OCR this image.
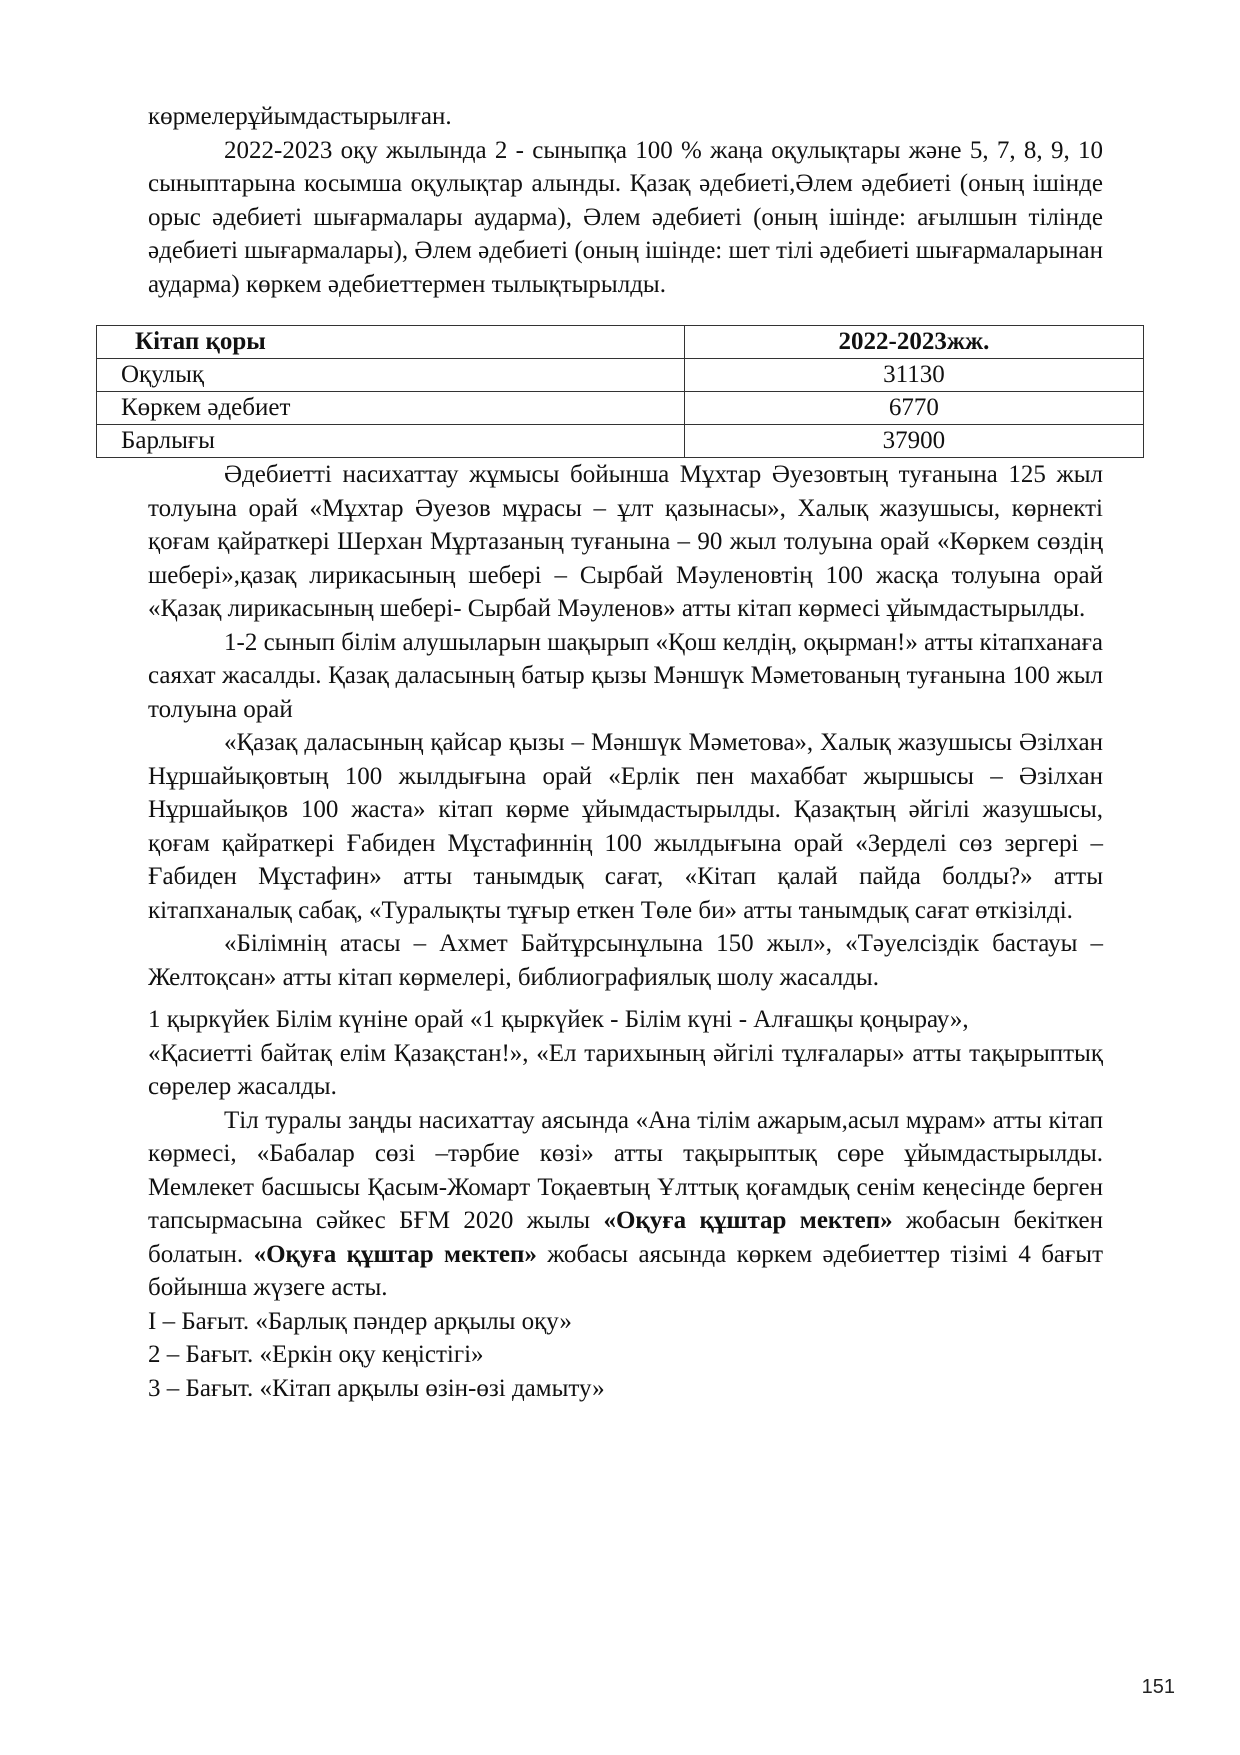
көрмелерұйымдастырылған.

2022-2023 оқу жылында 2 - сыныпқа 100 % жаңа оқулықтары және 5, 7, 8, 9, 10 сыныптарына косымша оқулықтар алынды. Қазақ әдебиеті,Әлем әдебиеті (оның ішінде орыс әдебиеті шығармалары аударма), Әлем әдебиеті (оның ішінде: ағылшын тілінде әдебиеті шығармалары), Әлем әдебиеті (оның ішінде: шет тілі әдебиеті шығармаларынан аударма) көркем әдебиеттермен тылықтырылды.

Кітап қоры	2022-2023жж.
Оқулық	31130
Көркем әдебиет	6770
Барлығы	37900

Әдебиетті насихаттау жұмысы бойынша Мұхтар Әуезовтың туғанына 125 жыл толуына орай «Мұхтар Әуезов мұрасы – ұлт қазынасы», Халық жазушысы, көрнекті қоғам қайраткері Шерхан Мұртазаның туғанына – 90 жыл толуына орай «Көркем сөздің шебері»,қазақ лирикасының шебері – Сырбай Мәуленовтің 100 жасқа толуына орай «Қазақ лирикасының шебері- Сырбай Мәуленов» атты кітап көрмесі ұйымдастырылды.

1-2 сынып білім алушыларын шақырып «Қош келдің, оқырман!» атты кітапханаға саяхат жасалды. Қазақ даласының батыр қызы Мәншүк Мәметованың туғанына 100 жыл толуына орай

«Қазақ даласының қайсар қызы – Мәншүк Мәметова», Халық жазушысы Әзілхан Нұршайықовтың 100 жылдығына орай «Ерлік пен махаббат жыршысы – Әзілхан Нұршайықов 100 жаста» кітап көрме ұйымдастырылды. Қазақтың әйгілі жазушысы, қоғам қайраткері Ғабиден Мұстафиннің 100 жылдығына орай «Зерделі сөз зергері – Ғабиден Мұстафин» атты танымдық сағат, «Кітап қалай пайда болды?» атты кітапханалық сабақ, «Туралықты тұғыр еткен Төле би» атты танымдық сағат өткізілді.

«Білімнің атасы – Ахмет Байтұрсынұлына 150 жыл», «Тәуелсіздік бастауы – Желтоқсан» атты кітап көрмелері, библиографиялық шолу жасалды.

1 қыркүйек Білім күніне орай «1 қыркүйек - Білім күні - Алғашқы қоңырау»,

«Қасиетті байтақ елім Қазақстан!», «Ел тарихының әйгілі тұлғалары» атты тақырыптық сөрелер жасалды.

Тіл туралы заңды насихаттау аясында «Ана тілім ажарым,асыл мұрам» атты кітап көрмесі, «Бабалар сөзі –тәрбие көзі» атты тақырыптық сөре ұйымдастырылды. Мемлекет басшысы Қасым-Жомарт Тоқаевтың Ұлттық қоғамдық сенім кеңесінде берген тапсырмасына сәйкес БҒМ 2020 жылы «Оқуға құштар мектеп» жобасын бекіткен болатын. «Оқуға құштар мектеп» жобасы аясында көркем әдебиеттер тізімі 4 бағыт бойынша жүзеге асты.

І – Бағыт. «Барлық пәндер арқылы оқу»

2 – Бағыт. «Еркін оқу кеңістігі»

3 – Бағыт. «Кітап арқылы өзін-өзі дамыту»

151
